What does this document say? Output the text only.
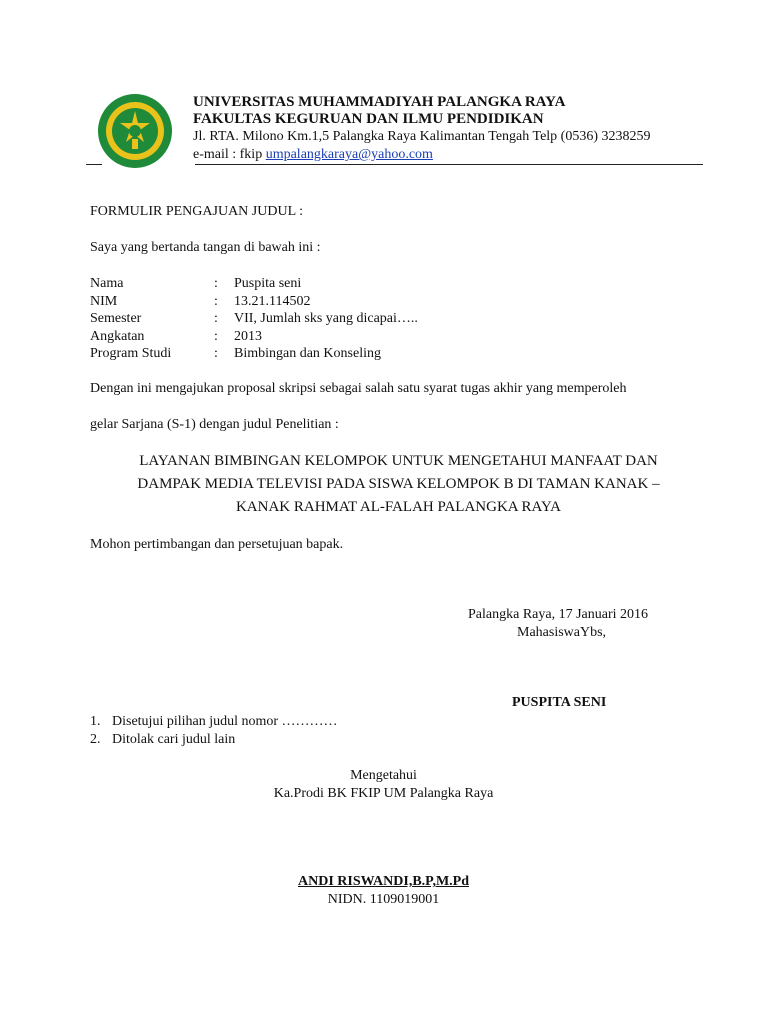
UNIVERSITAS MUHAMMADIYAH PALANGKA RAYA
FAKULTAS KEGURUAN DAN ILMU PENDIDIKAN
Jl. RTA. Milono Km.1,5 Palangka Raya Kalimantan Tengah Telp (0536) 3238259
e-mail : fkip umpalangkaraya@yahoo.com
FORMULIR PENGAJUAN JUDUL :
Saya yang bertanda tangan di bawah ini :
Nama	: Puspita seni
NIM	: 13.21.114502
Semester	: VII, Jumlah sks yang dicapai…..
Angkatan	: 2013
Program Studi	: Bimbingan dan Konseling
Dengan ini mengajukan proposal skripsi sebagai salah satu syarat tugas akhir yang memperoleh
gelar Sarjana (S-1) dengan judul Penelitian :
LAYANAN BIMBINGAN KELOMPOK UNTUK MENGETAHUI MANFAAT DAN
DAMPAK MEDIA TELEVISI PADA SISWA KELOMPOK B DI TAMAN KANAK –
KANAK RAHMAT AL-FALAH PALANGKA RAYA
Mohon pertimbangan dan persetujuan bapak.
Palangka Raya, 17 Januari 2016
MahasiswaYbs,
PUSPITA SENI
1. Disetujui pilihan judul nomor …………
2. Ditolak cari judul lain
Mengetahui
Ka.Prodi BK FKIP UM Palangka Raya
ANDI RISWANDI,B.P,M.Pd
NIDN. 1109019001
